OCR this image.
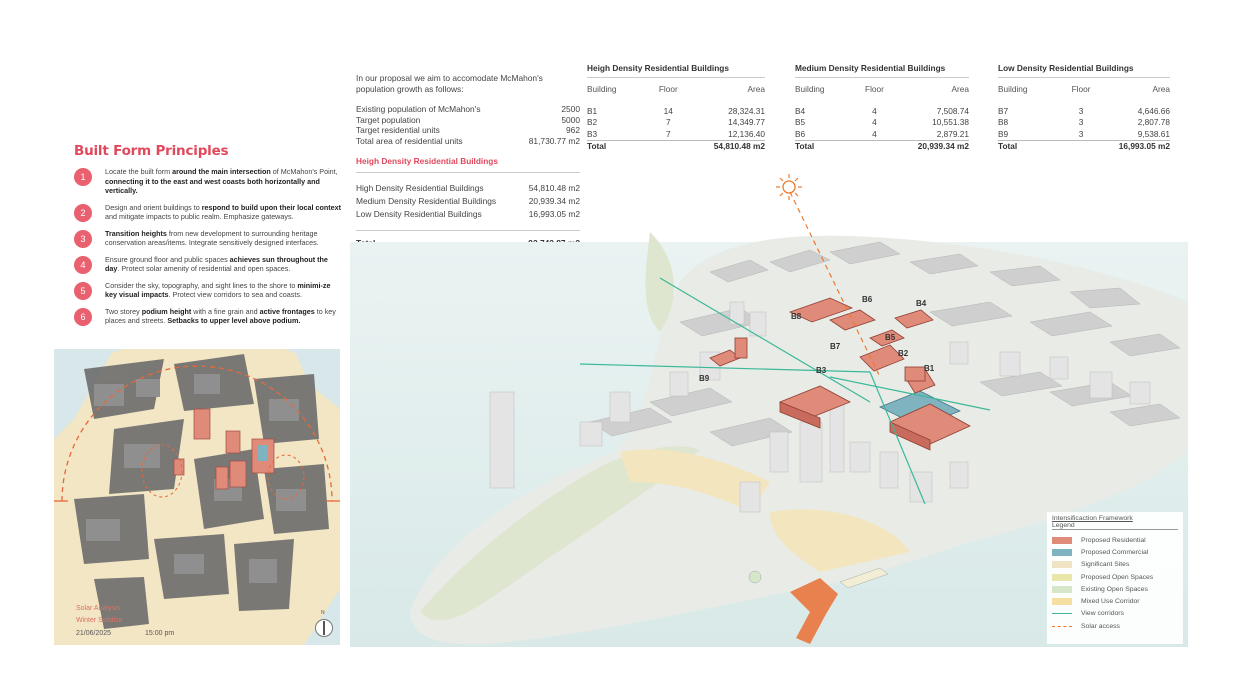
Built Form Principles
1
Locate the built form around the main intersection of McMahon's Point, connecting it to the east and west coasts both horizontally and vertically.
2
Design and orient buildings to respond to build upon their local context and mitigate impacts to public realm. Emphasize gateways.
3
Transition heights from new development to surrounding heritage conservation areas/items. Integrate sensitively designed interfaces.
4
Ensure ground floor and public spaces achieves sun throughout the day. Protect solar amenity of residential and open spaces.
5
Consider the sky, topography, and sight lines to the shore to minimi-ze key visual impacts. Protect view corridors to sea and coasts.
6
Two storey podium height with a fine grain and active frontages to key places and streets. Setbacks to upper level above podium.
Solar Analysis
Winter Solstice
21/06/2025	15:00 pm
N
In our proposal we aim to accomodate McMahon's population growth as follows:
Existing population of McMahon's	2500
Target population	5000
Target residential units	962
Total area of residential units	81,730.77 m2
Heigh Density Residential Buildings
High Density Residential Buildings	54,810.48 m2
Medium Density Residential Buildings	20,939.34 m2
Low Density Residential Buildings	16,993.05 m2
Heigh Density Residential Buildings
Building	Floor	Area
B1	14	28,324.31
B2	7	14,349.77
B3	7	12,136.40
Total	54,810.48 m2	
Medium Density Residential Buildings
Building	Floor	Area
B4	4	7,508.74
B5	4	10,551.38
B6	4	2,879.21
Total	20,939.34 m2	
Low Density Residential Buildings
Building	Floor	Area
B7	3	4,646.66
B8	3	2,807.78
B9	3	9,538.61
Total	16,993.05 m2	
B1
B2
B3
B4
B5
B6
B7
B8
B9
Intensificaction Framework
Legend
Proposed Residential
Proposed Commercial
Significant Sites
Proposed Open Spaces
Existing Open Spaces
Mixed Use Corridor
View corridors
Solar access
